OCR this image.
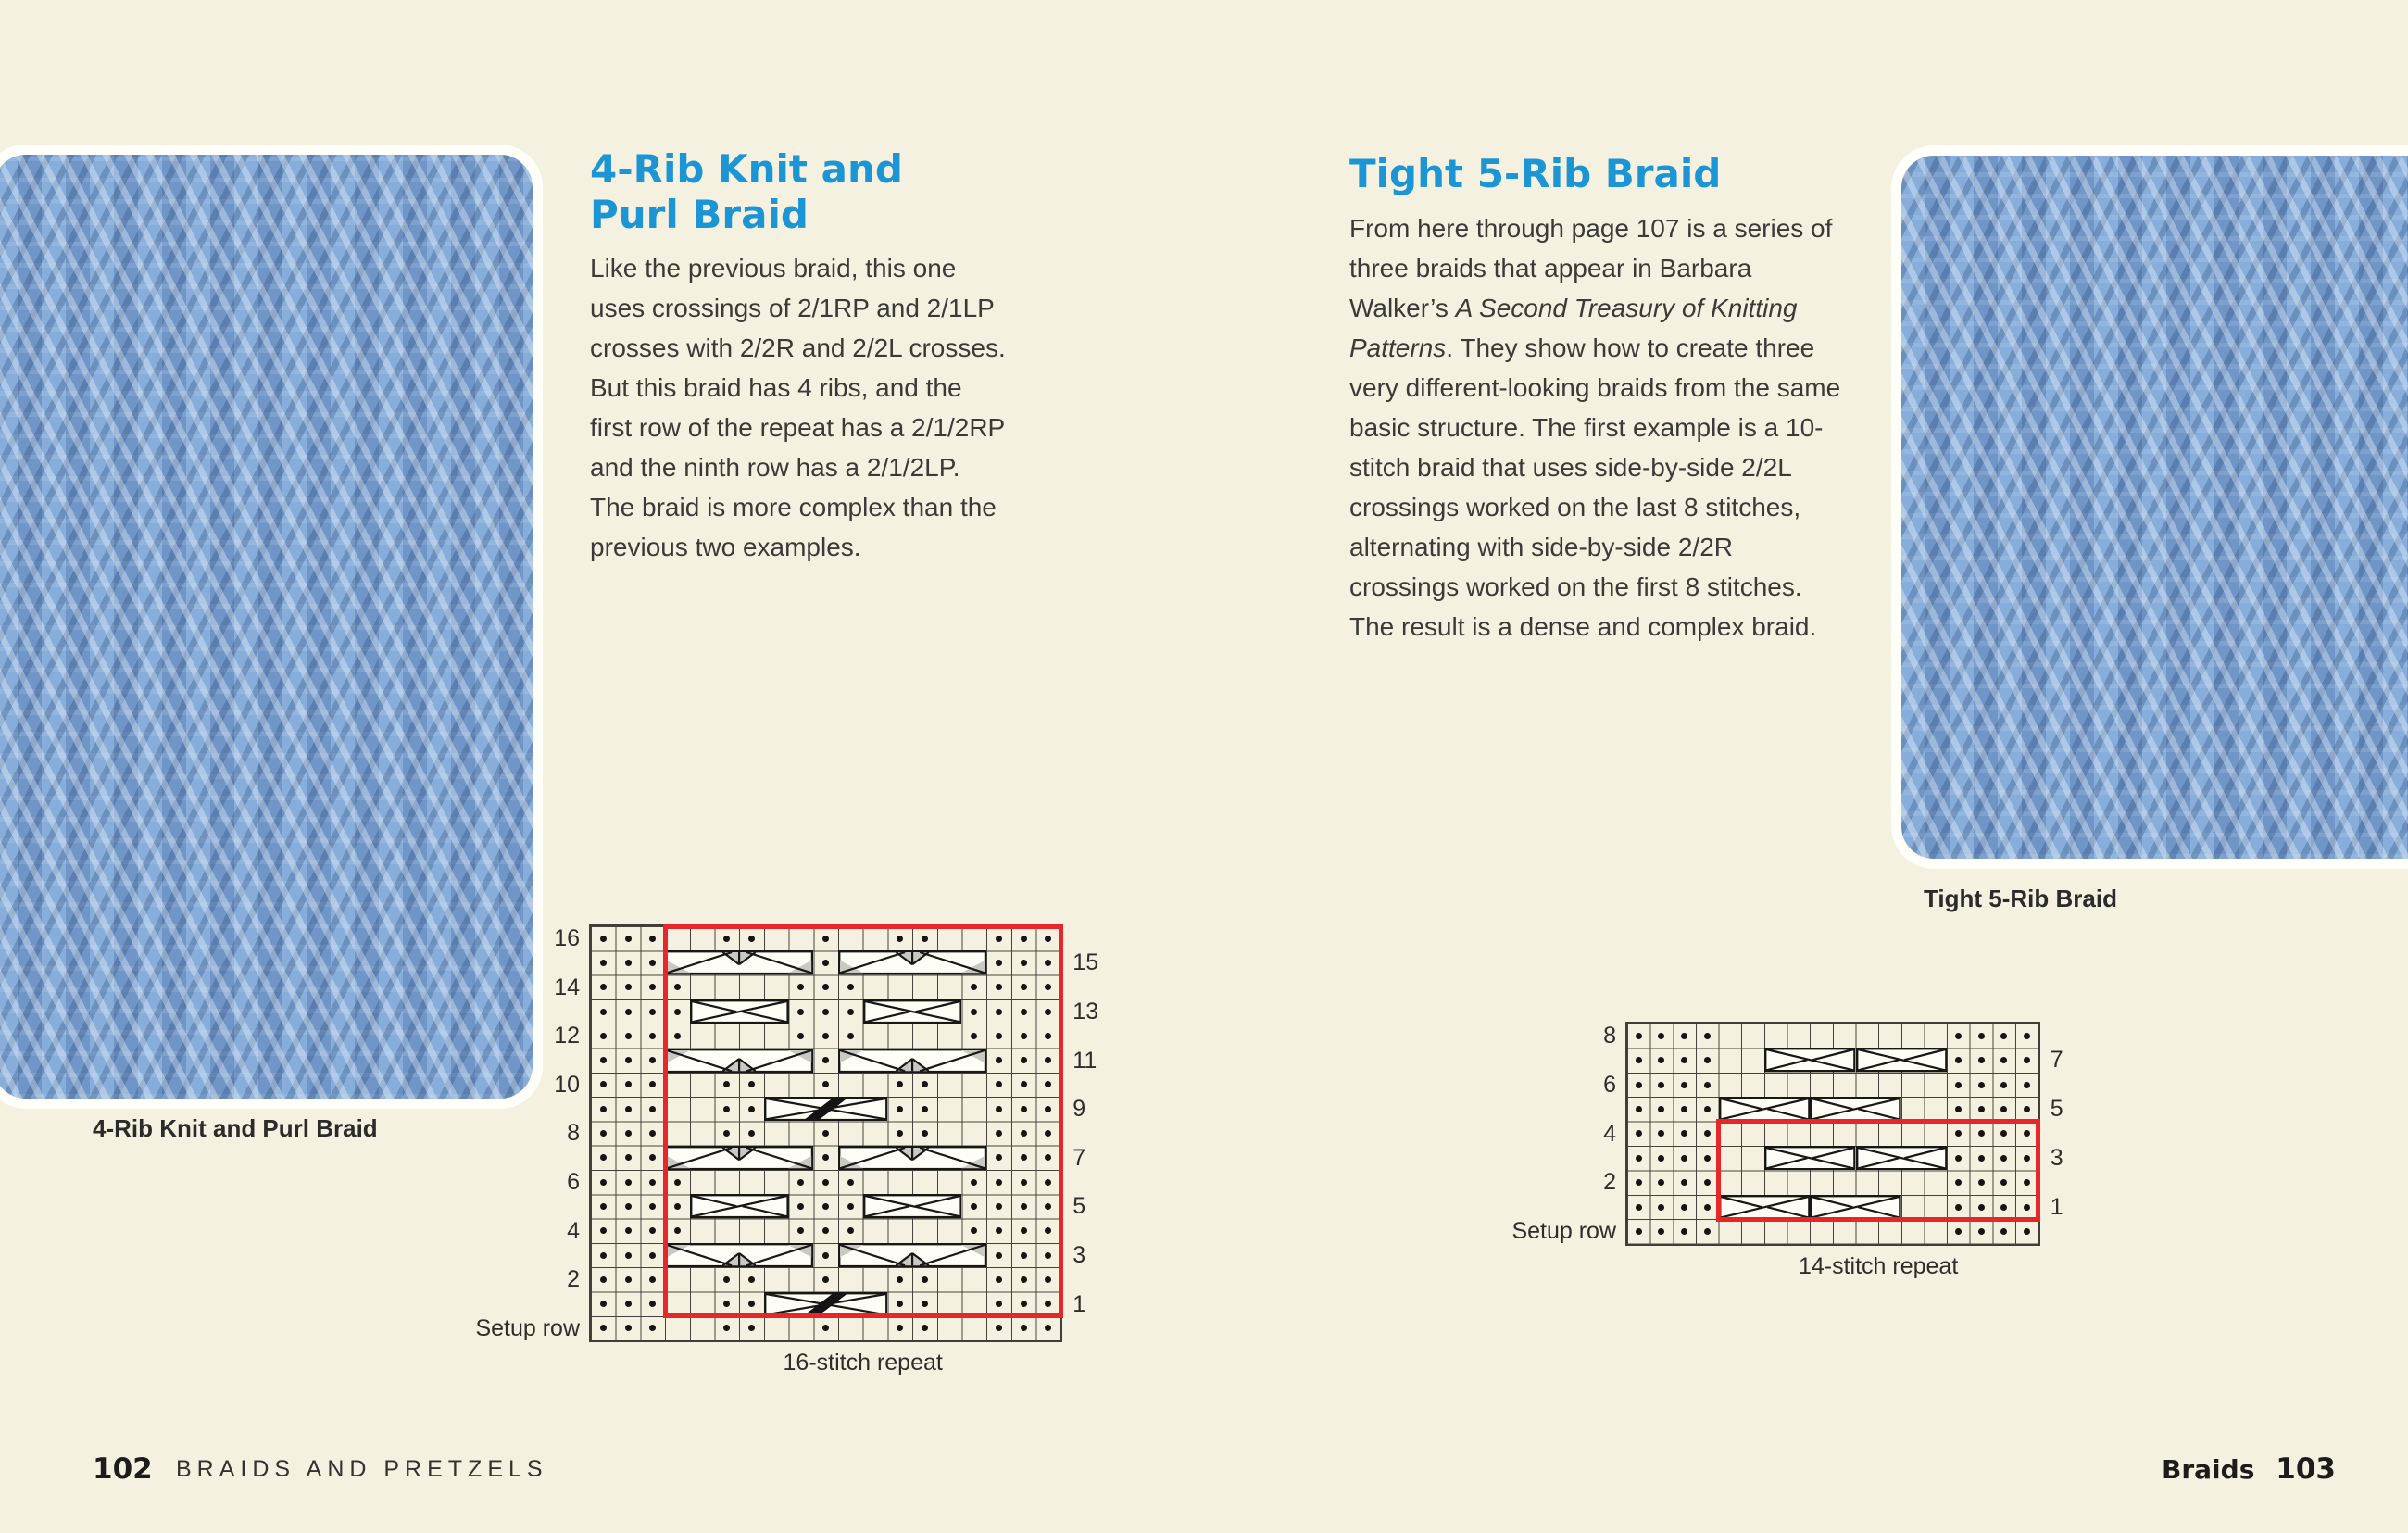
4-Rib Knit and Purl Braid
4-Rib Knit and
Purl Braid
Like the previous braid, this one uses crossings of 2/1RP and 2/1LP crosses with 2/2R and 2/2L crosses. But this braid has 4 ribs, and the first row of the repeat has a 2/1/2RP and the ninth row has a 2/1/2LP. The braid is more complex than the previous two examples.
16
14
12
10
8
6
4
2
Setup row
15
13
11
9
7
5
3
1
16-stitch repeat
102 BRAIDS AND PRETZELS
Tight 5-Rib Braid
From here through page 107 is a series of three braids that appear in Barbara Walker’s A Second Treasury of Knitting Patterns. They show how to create three very different-looking braids from the same basic structure. The first example is a 10-stitch braid that uses side-by-side 2/2L crossings worked on the last 8 stitches, alternating with side-by-side 2/2R crossings worked on the first 8 stitches. The result is a dense and complex braid.
Tight 5-Rib Braid
8
6
4
2
Setup row
7
5
3
1
14-stitch repeat
Braids 103
